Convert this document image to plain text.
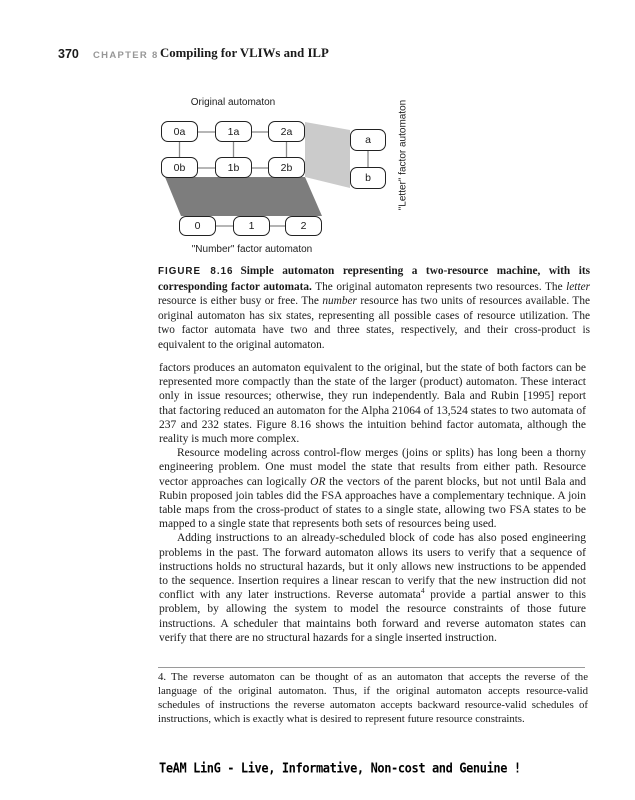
370 CHAPTER 8 Compiling for VLIWs and ILP
Original automaton	"Letter" factor automaton
"Number" factor automaton
0a	1a	2a
0b	1b	2b
a
b
0	1	2
FIGURE 8.16 Simple automaton representing a two-resource machine, with its corresponding factor automata. The original automaton represents two resources. The letter resource is either busy or free. The number resource has two units of resources available. The original automaton has six states, representing all possible cases of resource utilization. The two factor automata have two and three states, respectively, and their cross-product is equivalent to the original automaton.

factors produces an automaton equivalent to the original, but the state of both factors can be represented more compactly than the state of the larger (product) automaton. These interact only in issue resources; otherwise, they run independently. Bala and Rubin [1995] report that factoring reduced an automaton for the Alpha 21064 of 13,524 states to two automata of 237 and 232 states. Figure 8.16 shows the intuition behind factor automata, although the reality is much more complex.

Resource modeling across control-flow merges (joins or splits) has long been a thorny engineering problem. One must model the state that results from either path. Resource vector approaches can logically OR the vectors of the parent blocks, but not until Bala and Rubin proposed join tables did the FSA approaches have a complementary technique. A join table maps from the cross-product of states to a single state, allowing two FSA states to be mapped to a single state that represents both sets of resources being used.

Adding instructions to an already-scheduled block of code has also posed engineering problems in the past. The forward automaton allows its users to verify that a sequence of instructions holds no structural hazards, but it only allows new instructions to be appended to the sequence. Insertion requires a linear rescan to verify that the new instruction did not conflict with any later instructions. Reverse automata$^4$ provide a partial answer to this problem, by allowing the system to model the resource constraints of those future instructions. A scheduler that maintains both forward and reverse automaton states can verify that there are no structural hazards for a single inserted instruction.

4. The reverse automaton can be thought of as an automaton that accepts the reverse of the language of the original automaton. Thus, if the original automaton accepts resource-valid schedules of instructions the reverse automaton accepts backward resource-valid schedules of instructions, which is exactly what is desired to represent future resource constraints.
TeAM LinG - Live, Informative, Non-cost and Genuine !
